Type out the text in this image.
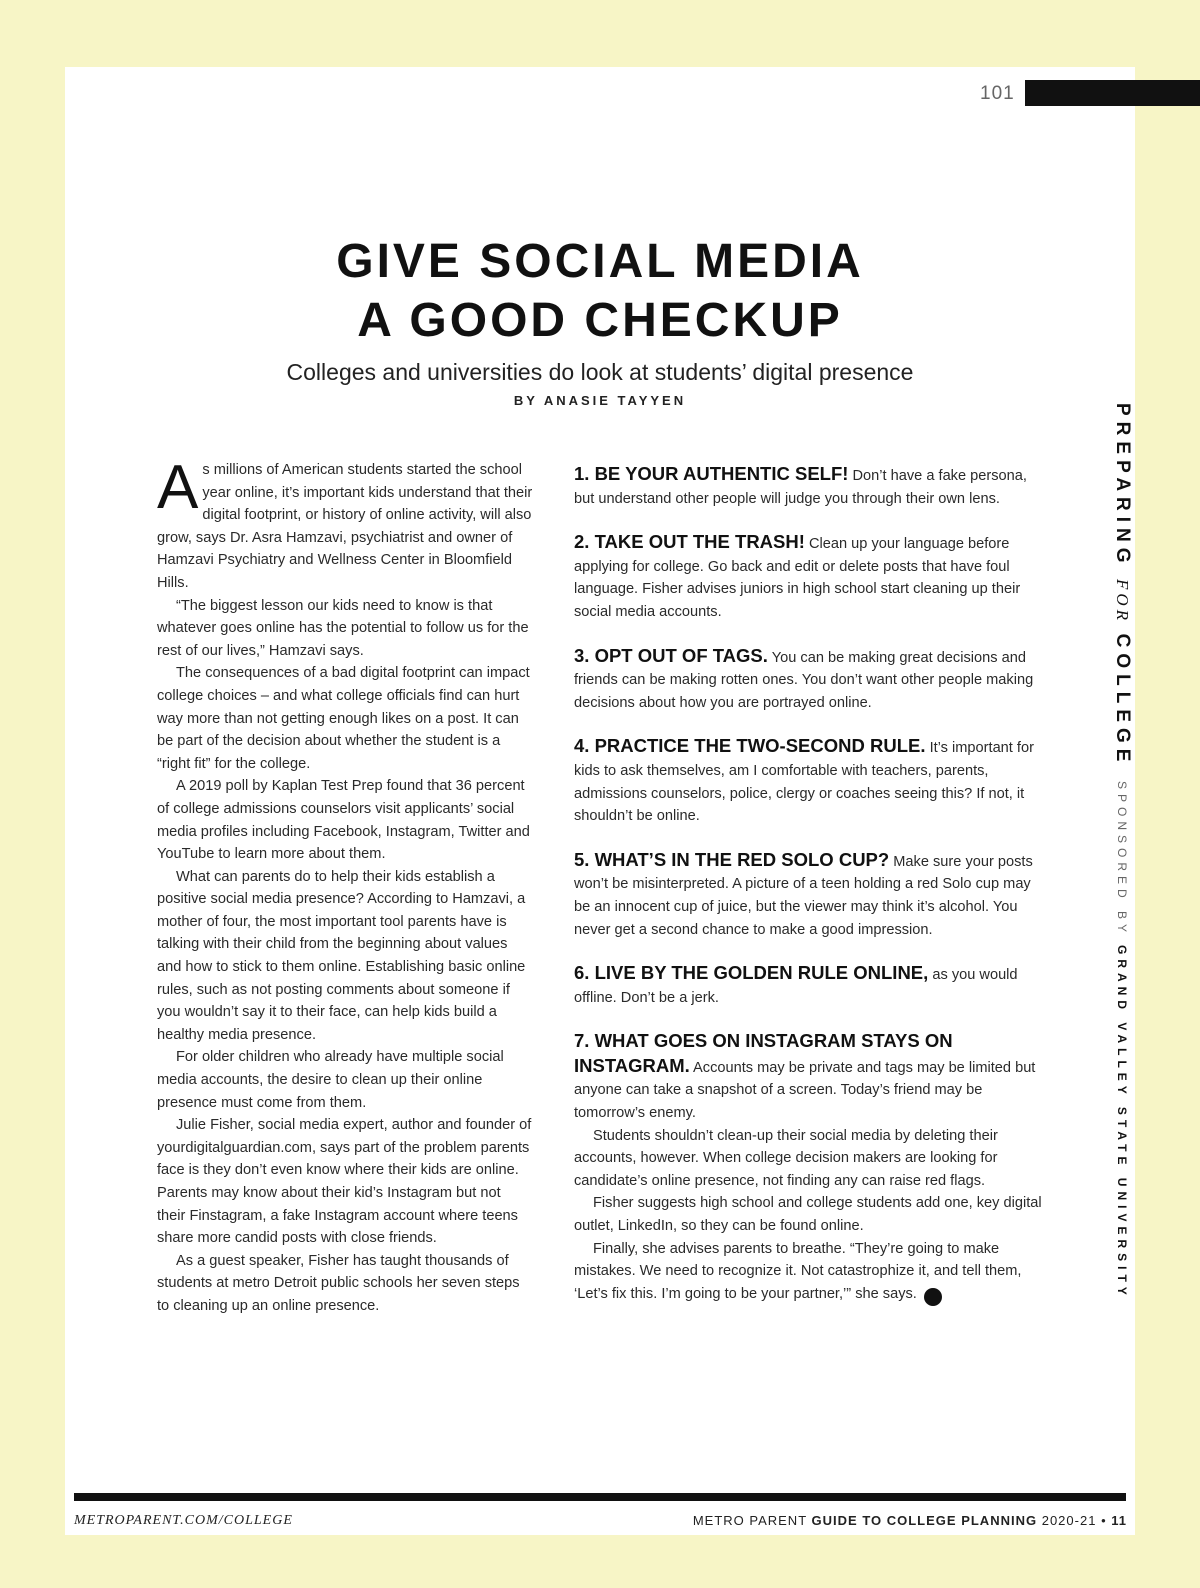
101
GIVE SOCIAL MEDIA
A GOOD CHECKUP
Colleges and universities do look at students’ digital presence
BY ANASIE TAYYEN

As millions of American students started the school year online, it’s important kids understand that their digital footprint, or history of online activity, will also grow, says Dr. Asra Hamzavi, psychiatrist and owner of Hamzavi Psychiatry and Wellness Center in Bloomfield Hills.

“The biggest lesson our kids need to know is that whatever goes online has the potential to follow us for the rest of our lives,” Hamzavi says.

The consequences of a bad digital footprint can impact college choices – and what college officials find can hurt way more than not getting enough likes on a post. It can be part of the decision about whether the student is a “right fit” for the college.

A 2019 poll by Kaplan Test Prep found that 36 percent of college admissions counselors visit applicants’ social media profiles including Facebook, Instagram, Twitter and YouTube to learn more about them.

What can parents do to help their kids establish a positive social media presence? According to Hamzavi, a mother of four, the most important tool parents have is talking with their child from the beginning about values and how to stick to them online. Establishing basic online rules, such as not posting comments about someone if you wouldn’t say it to their face, can help kids build a healthy media presence.

For older children who already have multiple social media accounts, the desire to clean up their online presence must come from them.

Julie Fisher, social media expert, author and founder of yourdigitalguardian.com, says part of the problem parents face is they don’t even know where their kids are online. Parents may know about their kid’s Instagram but not their Finstagram, a fake Instagram account where teens share more candid posts with close friends.

As a guest speaker, Fisher has taught thousands of students at metro Detroit public schools her seven steps to cleaning up an online presence.

1. BE YOUR AUTHENTIC SELF! Don’t have a fake persona, but understand other people will judge you through their own lens.
2. TAKE OUT THE TRASH! Clean up your language before applying for college. Go back and edit or delete posts that have foul language. Fisher advises juniors in high school start cleaning up their social media accounts.
3. OPT OUT OF TAGS. You can be making great decisions and friends can be making rotten ones. You don’t want other people making decisions about how you are portrayed online.
4. PRACTICE THE TWO-SECOND RULE. It’s important for kids to ask themselves, am I comfortable with teachers, parents, admissions counselors, police, clergy or coaches seeing this? If not, it shouldn’t be online.
5. WHAT’S IN THE RED SOLO CUP? Make sure your posts won’t be misinterpreted. A picture of a teen holding a red Solo cup may be an innocent cup of juice, but the viewer may think it’s alcohol. You never get a second chance to make a good impression.
6. LIVE BY THE GOLDEN RULE ONLINE, as you would offline. Don’t be a jerk.
7. WHAT GOES ON INSTAGRAM STAYS ON INSTAGRAM. Accounts may be private and tags may be limited but anyone can take a snapshot of a screen. Today’s friend may be tomorrow’s enemy.

Students shouldn’t clean-up their social media by deleting their accounts, however. When college decision makers are looking for candidate’s online presence, not finding any can raise red flags.

Fisher suggests high school and college students add one, key digital outlet, LinkedIn, so they can be found online.

Finally, she advises parents to breathe. “They’re going to make mistakes. We need to recognize it. Not catastrophize it, and tell them, ‘Let’s fix this. I’m going to be your partner,’” she says. C

PREPARINGFORCOLLEGESPONSORED BYGRAND VALLEY STATE UNIVERSITY
METROPARENT.COM/COLLEGE	METRO PARENT GUIDE TO COLLEGE PLANNING 2020-21 • 11
